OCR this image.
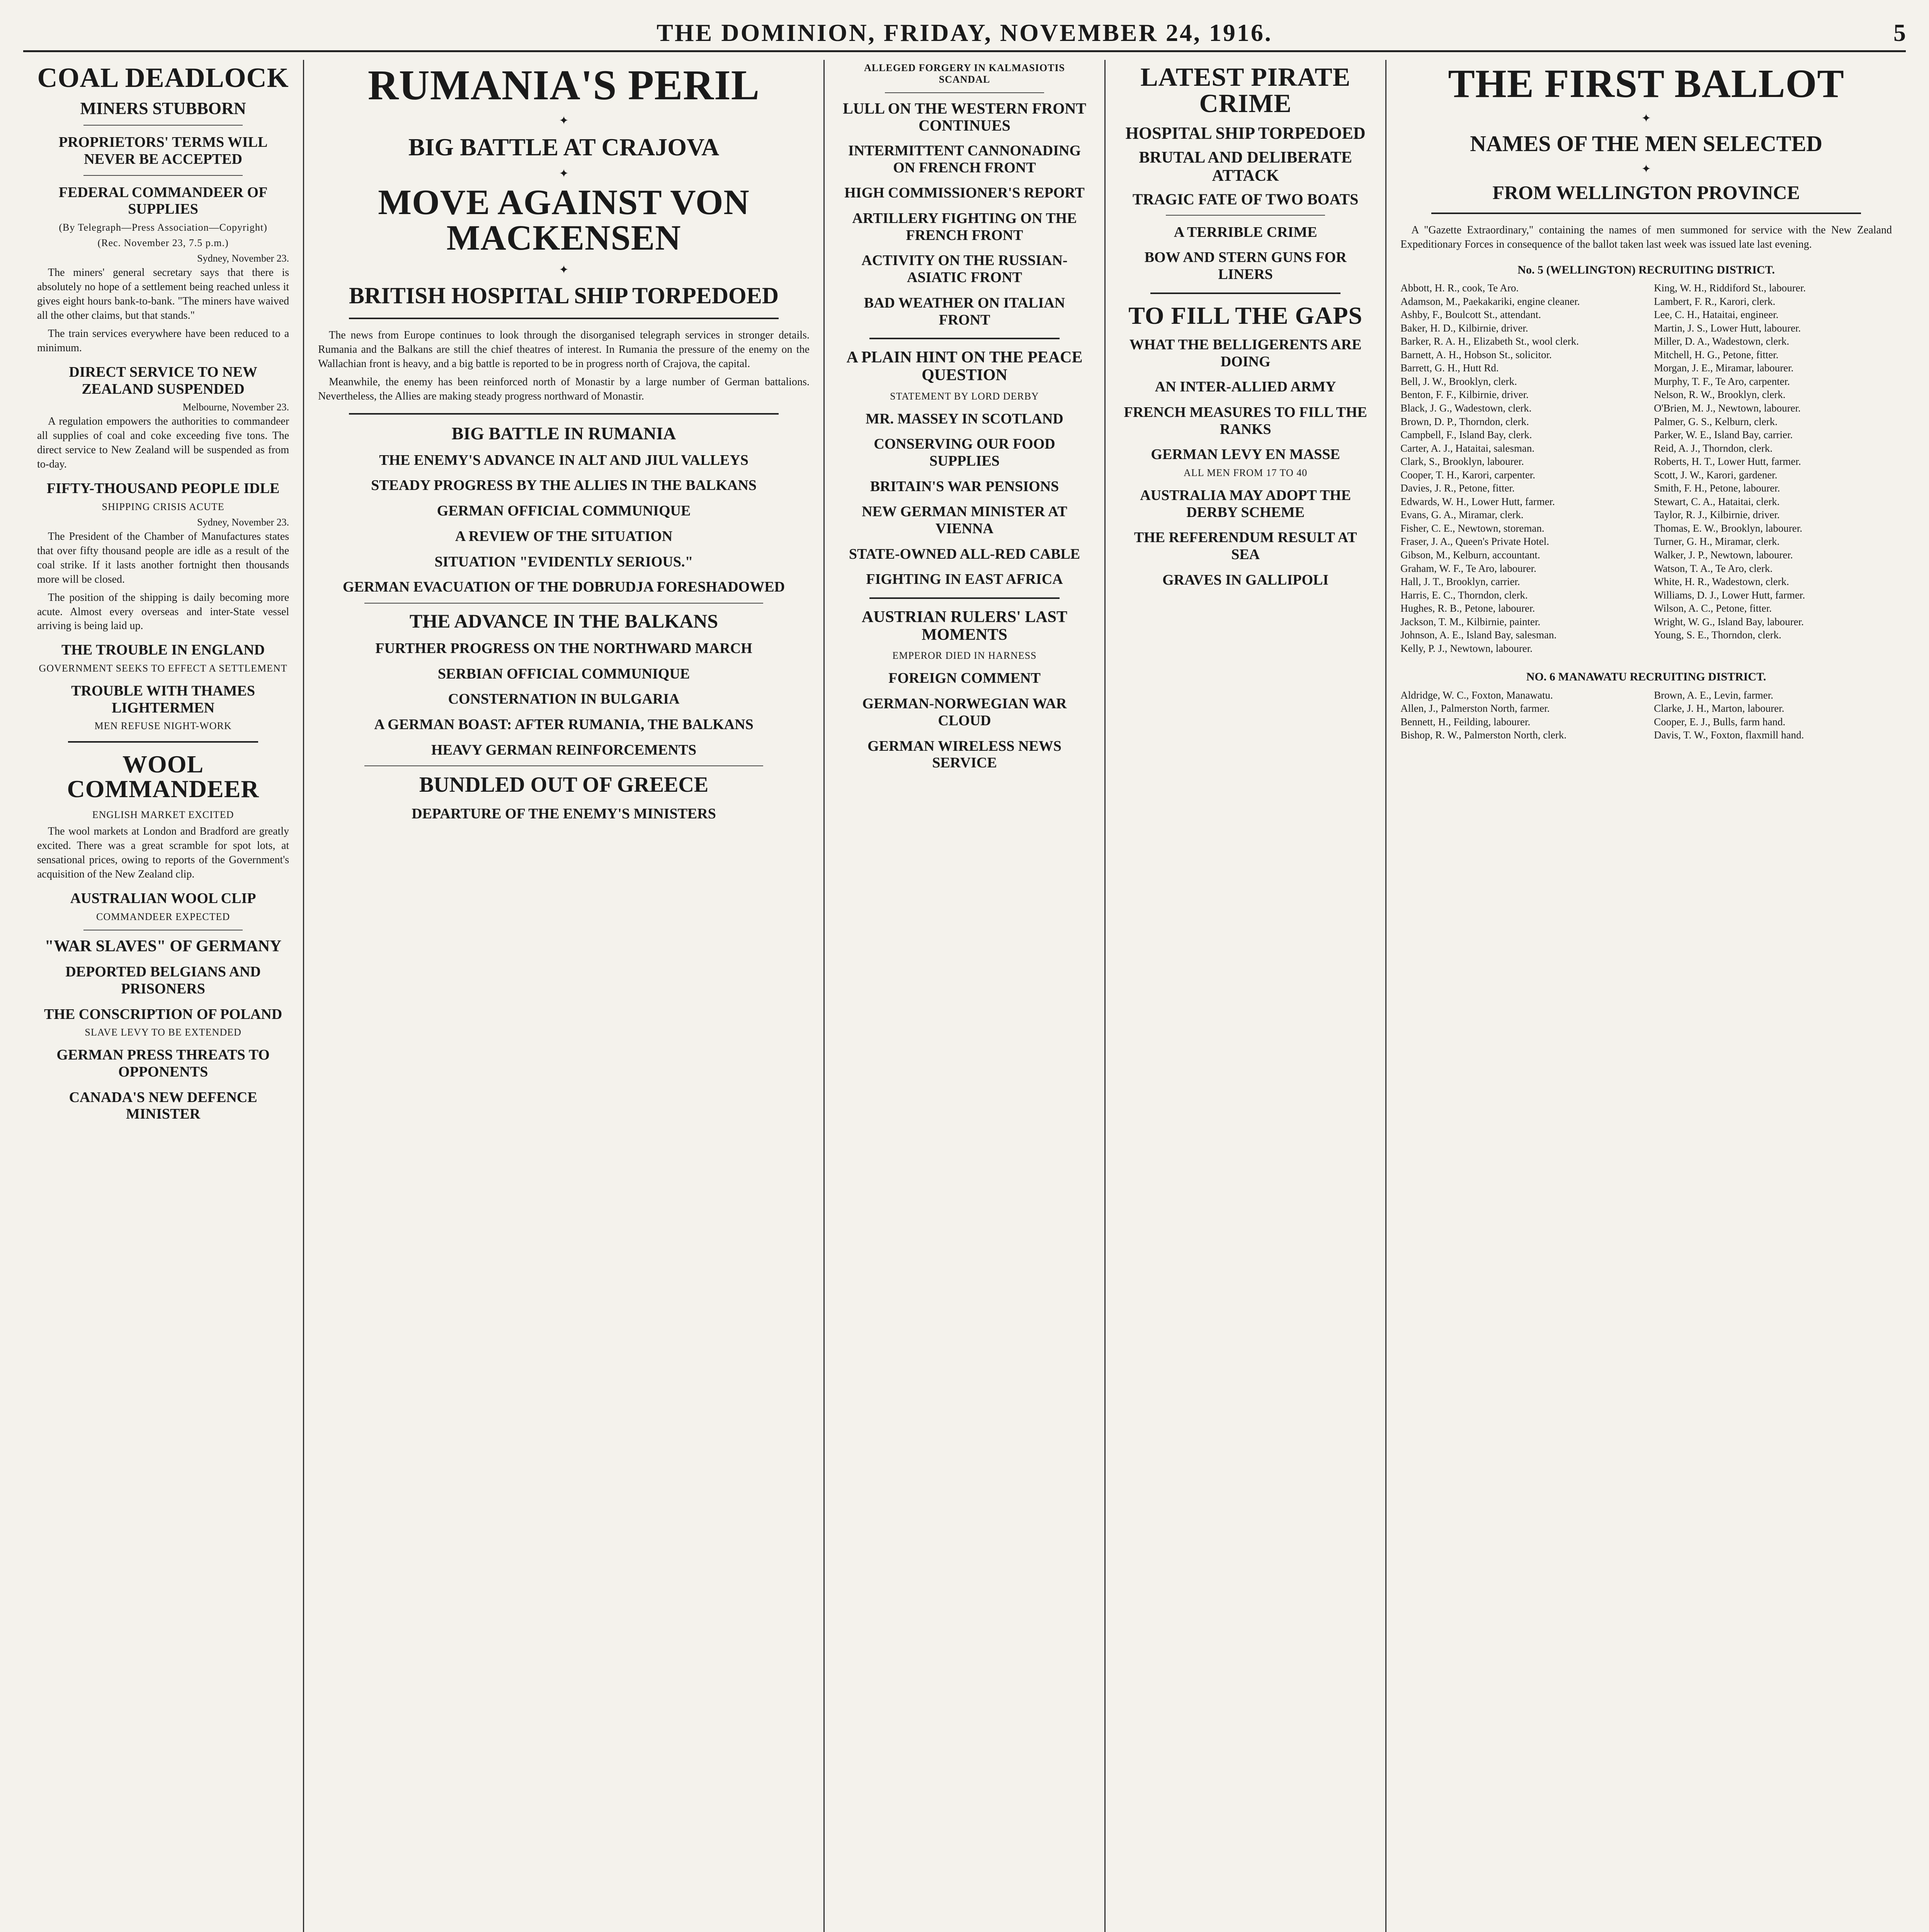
THE DOMINION, FRIDAY, NOVEMBER 24, 1916.	5
COAL DEADLOCK
MINERS STUBBORN
PROPRIETORS' TERMS WILL NEVER BE ACCEPTED
FEDERAL COMMANDEER OF SUPPLIES
(By Telegraph—Press Association—Copyright)
(Rec. November 23, 7.5 p.m.)
Sydney, November 23.

The miners' general secretary says that there is absolutely no hope of a settlement being reached unless it gives eight hours bank-to-bank. "The miners have waived all the other claims, but that stands."

The train services everywhere have been reduced to a minimum.

DIRECT SERVICE TO NEW ZEALAND SUSPENDED
Melbourne, November 23.

A regulation empowers the authorities to commandeer all supplies of coal and coke exceeding five tons. The direct service to New Zealand will be suspended as from to-day.

FIFTY-THOUSAND PEOPLE IDLE
SHIPPING CRISIS ACUTE
Sydney, November 23.

The President of the Chamber of Manufactures states that over fifty thousand people are idle as a result of the coal strike. If it lasts another fortnight then thousands more will be closed.

The position of the shipping is daily becoming more acute. Almost every overseas and inter-State vessel arriving is being laid up.

THE TROUBLE IN ENGLAND
GOVERNMENT SEEKS TO EFFECT A SETTLEMENT
TROUBLE WITH THAMES LIGHTERMEN
MEN REFUSE NIGHT-WORK
WOOL COMMANDEER
ENGLISH MARKET EXCITED

The wool markets at London and Bradford are greatly excited. There was a great scramble for spot lots, at sensational prices, owing to reports of the Government's acquisition of the New Zealand clip.

AUSTRALIAN WOOL CLIP
COMMANDEER EXPECTED
"WAR SLAVES" OF GERMANY
DEPORTED BELGIANS AND PRISONERS
THE CONSCRIPTION OF POLAND
SLAVE LEVY TO BE EXTENDED
GERMAN PRESS THREATS TO OPPONENTS
CANADA'S NEW DEFENCE MINISTER
RUMANIA'S PERIL
✦
BIG BATTLE AT CRAJOVA
✦
MOVE AGAINST VON MACKENSEN
✦
BRITISH HOSPITAL SHIP TORPEDOED

The news from Europe continues to look through the disorganised telegraph services in stronger details. Rumania and the Balkans are still the chief theatres of interest. In Rumania the pressure of the enemy on the Wallachian front is heavy, and a big battle is reported to be in progress north of Crajova, the capital.

Meanwhile, the enemy has been reinforced north of Monastir by a large number of German battalions. Nevertheless, the Allies are making steady progress northward of Monastir.

BIG BATTLE IN RUMANIA
THE ENEMY'S ADVANCE IN ALT AND JIUL VALLEYS
STEADY PROGRESS BY THE ALLIES IN THE BALKANS
GERMAN OFFICIAL COMMUNIQUE
A REVIEW OF THE SITUATION
SITUATION "EVIDENTLY SERIOUS."
GERMAN EVACUATION OF THE DOBRUDJA FORESHADOWED
THE ADVANCE IN THE BALKANS
FURTHER PROGRESS ON THE NORTHWARD MARCH
SERBIAN OFFICIAL COMMUNIQUE
CONSTERNATION IN BULGARIA
A GERMAN BOAST: AFTER RUMANIA, THE BALKANS
HEAVY GERMAN REINFORCEMENTS
BUNDLED OUT OF GREECE
DEPARTURE OF THE ENEMY'S MINISTERS
ALLEGED FORGERY IN KALMASIOTIS SCANDAL
LULL ON THE WESTERN FRONT CONTINUES
INTERMITTENT CANNONADING ON FRENCH FRONT
HIGH COMMISSIONER'S REPORT
ARTILLERY FIGHTING ON THE FRENCH FRONT
ACTIVITY ON THE RUSSIAN-ASIATIC FRONT
BAD WEATHER ON ITALIAN FRONT
A PLAIN HINT ON THE PEACE QUESTION
STATEMENT BY LORD DERBY
MR. MASSEY IN SCOTLAND
CONSERVING OUR FOOD SUPPLIES
BRITAIN'S WAR PENSIONS
NEW GERMAN MINISTER AT VIENNA
STATE-OWNED ALL-RED CABLE
FIGHTING IN EAST AFRICA
AUSTRIAN RULERS' LAST MOMENTS
EMPEROR DIED IN HARNESS
FOREIGN COMMENT
GERMAN-NORWEGIAN WAR CLOUD
GERMAN WIRELESS NEWS SERVICE
LATEST PIRATE CRIME
HOSPITAL SHIP TORPEDOED
BRUTAL AND DELIBERATE ATTACK
TRAGIC FATE OF TWO BOATS
A TERRIBLE CRIME
BOW AND STERN GUNS FOR LINERS
TO FILL THE GAPS
WHAT THE BELLIGERENTS ARE DOING
AN INTER-ALLIED ARMY
FRENCH MEASURES TO FILL THE RANKS
GERMAN LEVY EN MASSE
ALL MEN FROM 17 TO 40
AUSTRALIA MAY ADOPT THE DERBY SCHEME
THE REFERENDUM RESULT AT SEA
GRAVES IN GALLIPOLI
THE FIRST BALLOT
✦
NAMES OF THE MEN SELECTED
✦
FROM WELLINGTON PROVINCE

A "Gazette Extraordinary," containing the names of men summoned for service with the New Zealand Expeditionary Forces in consequence of the ballot taken last week was issued late last evening.

No. 5 (WELLINGTON) RECRUITING DISTRICT.
Abbott, H. R., cook, Te Aro.
Adamson, M., Paekakariki, engine cleaner.
Ashby, F., Boulcott St., attendant.
Baker, H. D., Kilbirnie, driver.
Barker, R. A. H., Elizabeth St., wool clerk.
Barnett, A. H., Hobson St., solicitor.
Barrett, G. H., Hutt Rd.
Bell, J. W., Brooklyn, clerk.
Benton, F. F., Kilbirnie, driver.
Black, J. G., Wadestown, clerk.
Brown, D. P., Thorndon, clerk.
Campbell, F., Island Bay, clerk.
Carter, A. J., Hataitai, salesman.
Clark, S., Brooklyn, labourer.
Cooper, T. H., Karori, carpenter.
Davies, J. R., Petone, fitter.
Edwards, W. H., Lower Hutt, farmer.
Evans, G. A., Miramar, clerk.
Fisher, C. E., Newtown, storeman.
Fraser, J. A., Queen's Private Hotel.
Gibson, M., Kelburn, accountant.
Graham, W. F., Te Aro, labourer.
Hall, J. T., Brooklyn, carrier.
Harris, E. C., Thorndon, clerk.
Hughes, R. B., Petone, labourer.
Jackson, T. M., Kilbirnie, painter.
Johnson, A. E., Island Bay, salesman.
Kelly, P. J., Newtown, labourer.
King, W. H., Riddiford St., labourer.
Lambert, F. R., Karori, clerk.
Lee, C. H., Hataitai, engineer.
Martin, J. S., Lower Hutt, labourer.
Miller, D. A., Wadestown, clerk.
Mitchell, H. G., Petone, fitter.
Morgan, J. E., Miramar, labourer.
Murphy, T. F., Te Aro, carpenter.
Nelson, R. W., Brooklyn, clerk.
O'Brien, M. J., Newtown, labourer.
Palmer, G. S., Kelburn, clerk.
Parker, W. E., Island Bay, carrier.
Reid, A. J., Thorndon, clerk.
Roberts, H. T., Lower Hutt, farmer.
Scott, J. W., Karori, gardener.
Smith, F. H., Petone, labourer.
Stewart, C. A., Hataitai, clerk.
Taylor, R. J., Kilbirnie, driver.
Thomas, E. W., Brooklyn, labourer.
Turner, G. H., Miramar, clerk.
Walker, J. P., Newtown, labourer.
Watson, T. A., Te Aro, clerk.
White, H. R., Wadestown, clerk.
Williams, D. J., Lower Hutt, farmer.
Wilson, A. C., Petone, fitter.
Wright, W. G., Island Bay, labourer.
Young, S. E., Thorndon, clerk.
NO. 6 MANAWATU RECRUITING DISTRICT.
Aldridge, W. C., Foxton, Manawatu.
Allen, J., Palmerston North, farmer.
Bennett, H., Feilding, labourer.
Bishop, R. W., Palmerston North, clerk.
Brown, A. E., Levin, farmer.
Clarke, J. H., Marton, labourer.
Cooper, E. J., Bulls, farm hand.
Davis, T. W., Foxton, flaxmill hand.
